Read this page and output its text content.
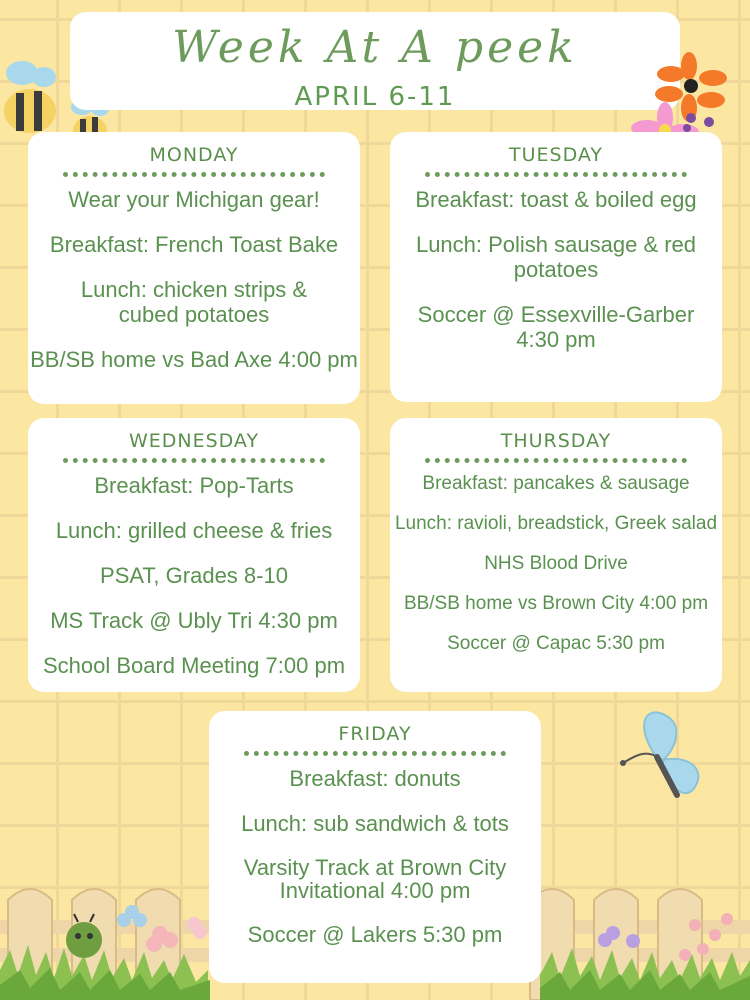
Week At A peek
APRIL 6-11
MONDAY
Wear your Michigan gear!
Breakfast: French Toast Bake
Lunch: chicken strips & cubed potatoes
BB/SB home vs Bad Axe 4:00 pm
TUESDAY
Breakfast: toast & boiled egg
Lunch: Polish sausage & red potatoes
Soccer @ Essexville-Garber 4:30 pm
WEDNESDAY
Breakfast: Pop-Tarts
Lunch: grilled cheese & fries
PSAT, Grades 8-10
MS Track @ Ubly Tri 4:30 pm
School Board Meeting 7:00 pm
THURSDAY
Breakfast: pancakes & sausage
Lunch: ravioli, breadstick, Greek salad
NHS Blood Drive
BB/SB home vs Brown City 4:00 pm
Soccer @ Capac 5:30 pm
FRIDAY
Breakfast: donuts
Lunch: sub sandwich & tots
Varsity Track at Brown City Invitational 4:00 pm
Soccer @ Lakers 5:30 pm
